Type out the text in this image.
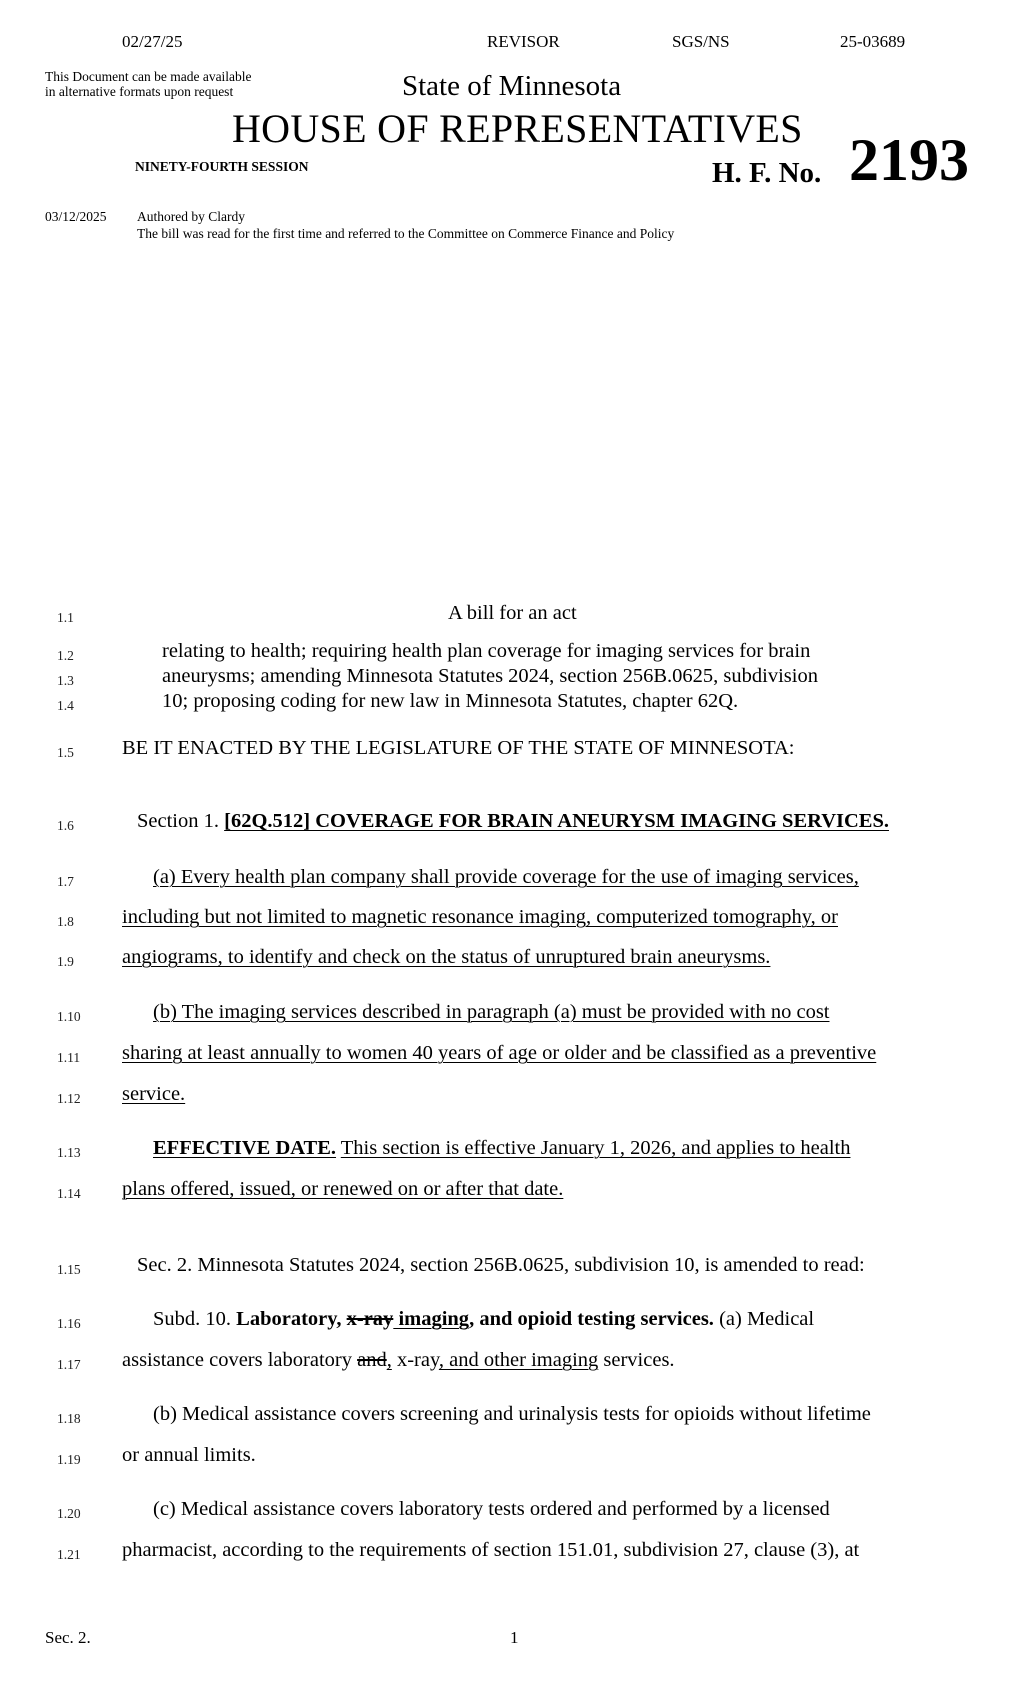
02/27/25	REVISOR	SGS/NS	25-03689
This Document can be made available
in alternative formats upon request	State of Minnesota
HOUSE OF REPRESENTATIVES
NINETY-FOURTH SESSION	H. F. No. 2193
03/12/2025 Authored by Clardy
The bill was read for the first time and referred to the Committee on Commerce Finance and Policy
1.1	A bill for an act
1.2	relating to health; requiring health plan coverage for imaging services for brain
1.3	aneurysms; amending Minnesota Statutes 2024, section 256B.0625, subdivision
1.4	10; proposing coding for new law in Minnesota Statutes, chapter 62Q.
1.5 BE IT ENACTED BY THE LEGISLATURE OF THE STATE OF MINNESOTA:
1.6	Section 1. [62Q.512] COVERAGE FOR BRAIN ANEURYSM IMAGING SERVICES.
1.7	(a) Every health plan company shall provide coverage for the use of imaging services,
1.8 including but not limited to magnetic resonance imaging, computerized tomography, or
1.9 angiograms, to identify and check on the status of unruptured brain aneurysms.
1.10	(b) The imaging services described in paragraph (a) must be provided with no cost
1.11 sharing at least annually to women 40 years of age or older and be classified as a preventive
1.12 service.
1.13	EFFECTIVE DATE. This section is effective January 1, 2026, and applies to health
1.14 plans offered, issued, or renewed on or after that date.
1.15	Sec. 2. Minnesota Statutes 2024, section 256B.0625, subdivision 10, is amended to read:
1.16	Subd. 10. Laboratory, x-ray imaging, and opioid testing services. (a) Medical
1.17 assistance covers laboratory and, x-ray, and other imaging services.
1.18	(b) Medical assistance covers screening and urinalysis tests for opioids without lifetime
1.19 or annual limits.
1.20	(c) Medical assistance covers laboratory tests ordered and performed by a licensed
1.21 pharmacist, according to the requirements of section 151.01, subdivision 27, clause (3), at
Sec. 2.	1
